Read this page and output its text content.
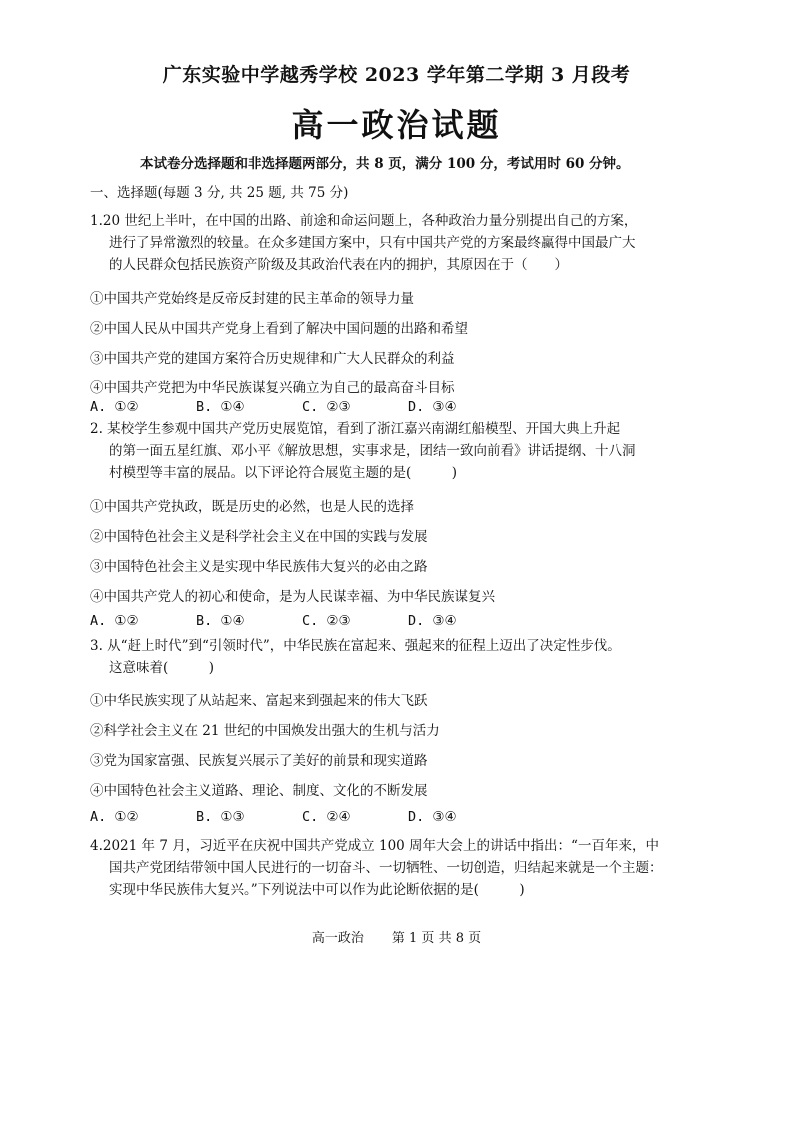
广东实验中学越秀学校 2023 学年第二学期 3 月段考
高一政治试题
本试卷分选择题和非选择题两部分，共 8 页，满分 100 分，考试用时 60 分钟。
一、选择题(每题 3 分, 共 25 题, 共 75 分)
1.20 世纪上半叶，在中国的出路、前途和命运问题上，各种政治力量分别提出自己的方案，
进行了异常激烈的较量。在众多建国方案中，只有中国共产党的方案最终赢得中国最广大
的人民群众包括民族资产阶级及其政治代表在内的拥护，其原因在于（　　）
①中国共产党始终是反帝反封建的民主革命的领导力量
②中国人民从中国共产党身上看到了解决中国问题的出路和希望
③中国共产党的建国方案符合历史规律和广大人民群众的利益
④中国共产党把为中华民族谋复兴确立为自己的最高奋斗目标
A. ①②	B. ①④	C. ②③	D. ③④
2. 某校学生参观中国共产党历史展览馆，看到了浙江嘉兴南湖红船模型、开国大典上升起
的第一面五星红旗、邓小平《解放思想，实事求是，团结一致向前看》讲话提纲、十八洞
村模型等丰富的展品。以下评论符合展览主题的是(　　　)
①中国共产党执政，既是历史的必然，也是人民的选择
②中国特色社会主义是科学社会主义在中国的实践与发展
③中国特色社会主义是实现中华民族伟大复兴的必由之路
④中国共产党人的初心和使命，是为人民谋幸福、为中华民族谋复兴
A. ①②	B. ①④	C. ②③	D. ③④
3. 从“赶上时代”到“引领时代”，中华民族在富起来、强起来的征程上迈出了决定性步伐。
这意味着(　　　)
①中华民族实现了从站起来、富起来到强起来的伟大飞跃
②科学社会主义在 21 世纪的中国焕发出强大的生机与活力
③党为国家富强、民族复兴展示了美好的前景和现实道路
④中国特色社会主义道路、理论、制度、文化的不断发展
A. ①②	B. ①③	C. ②④	D. ③④
4.2021 年 7 月，习近平在庆祝中国共产党成立 100 周年大会上的讲话中指出：“一百年来，中
国共产党团结带领中国人民进行的一切奋斗、一切牺牲、一切创造，归结起来就是一个主题：
实现中华民族伟大复兴。”下列说法中可以作为此论断依据的是(　　　)
高一政治 第 1 页 共 8 页
